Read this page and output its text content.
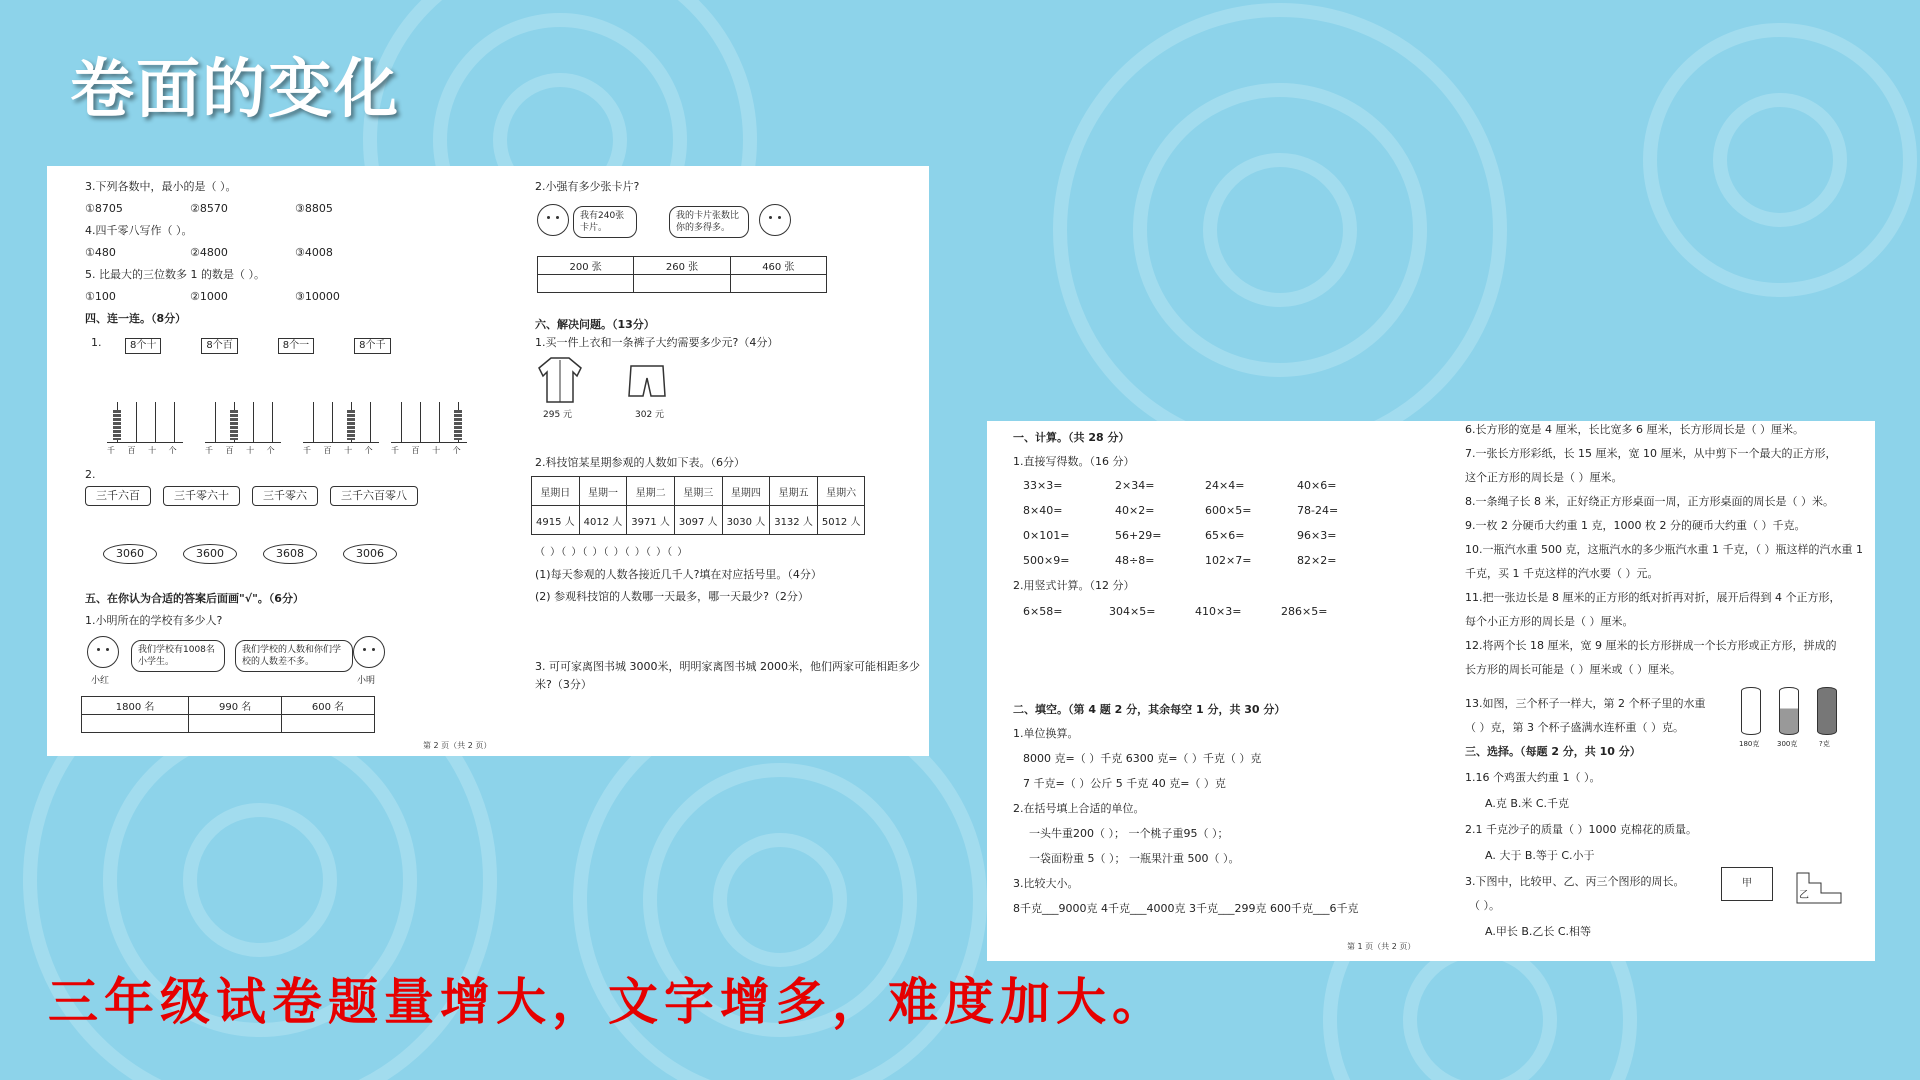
卷面的变化
3.下列各数中，最小的是（ ）。
①8705	②8570	③8805
4.四千零八写作（ ）。
①480	②4800	③4008
5. 比最大的三位数多 1 的数是（ ）。
①100	②1000	③10000
四、连一连。（8分）
1.	8个十	8个百	8个一	8个千
千 百 十 个	千 百 十 个	千 百 十 个 千 百 十 个
2.
三千六百	三千零六十	三千零六	三千六百零八
3060	3600	3608	3006
五、在你认为合适的答案后面画"√"。（6分）
1.小明所在的学校有多少人?
我们学校有1008名小学生。
小红
我们学校的人数和你们学校的人数差不多。
小明
1800 名	990 名	600 名

2.小强有多少张卡片?
我有240张卡片。
我的卡片张数比你的多得多。
200 张	260 张	460 张

六、解决问题。（13分）
1.买一件上衣和一条裤子大约需要多少元?（4分）
295 元	302 元
2.科技馆某星期参观的人数如下表。（6分）
星期日	星期一	星期二	星期三	星期四	星期五	星期六
4915 人	4012 人	3971 人	3097 人	3030 人	3132 人	5012 人
（ ）（ ）（ ）（ ）（ ）（ ）（ ）
(1)每天参观的人数各接近几千人?填在对应括号里。（4分）
(2) 参观科技馆的人数哪一天最多，哪一天最少?（2分）
3. 可可家离图书城 3000米，明明家离图书城 2000米，他们两家可能相距多少
米?（3分）
第 2 页（共 2 页）
一、计算。（共 28 分）
1.直接写得数。（16 分）
33×3=	2×34=	24×4=	40×6=
8×40=	40×2=	600×5=	78-24=
0×101=	56+29=	65×6=	96×3=
500×9=	48÷8=	102×7=	82×2=
2.用竖式计算。（12 分）
6×58=	304×5=	410×3=	286×5=
二、填空。（第 4 题 2 分，其余每空 1 分，共 30 分）
1.单位换算。
8000 克=（ ）千克 6300 克=（ ）千克（ ）克
7 千克=（ ）公斤 5 千克 40 克=（ ）克
2.在括号填上合适的单位。
一头牛重200（ ）； 一个桃子重95（ ）；
一袋面粉重 5（ ）； 一瓶果汁重 500（ ）。
3.比较大小。
8千克___9000克 4千克___4000克 3千克___299克 600千克___6千克
6.长方形的宽是 4 厘米，长比宽多 6 厘米，长方形周长是（ ）厘米。
7.一张长方形彩纸，长 15 厘米，宽 10 厘米，从中剪下一个最大的正方形，
这个正方形的周长是（ ）厘米。
8.一条绳子长 8 米，正好绕正方形桌面一周，正方形桌面的周长是（ ）米。
9.一枚 2 分硬币大约重 1 克，1000 枚 2 分的硬币大约重（ ）千克。
10.一瓶汽水重 500 克，这瓶汽水的多少瓶汽水重 1 千克，（ ）瓶这样的汽水重 1
千克，买 1 千克这样的汽水要（ ）元。
11.把一张边长是 8 厘米的正方形的纸对折再对折，展开后得到 4 个正方形，
每个小正方形的周长是（ ）厘米。
12.将两个长 18 厘米，宽 9 厘米的长方形拼成一个长方形或正方形，拼成的
长方形的周长可能是（ ）厘米或（ ）厘米。
13.如图，三个杯子一样大，第 2 个杯子里的水重
（ ）克，第 3 个杯子盛满水连杯重（ ）克。
180克	300克	?克
三、选择。（每题 2 分，共 10 分）
1.16 个鸡蛋大约重 1（ ）。
A.克 B.米 C.千克
2.1 千克沙子的质量（ ）1000 克棉花的质量。
A. 大于 B.等于 C.小于
3.下图中，比较甲、乙、丙三个图形的周长。
（ ）。
A.甲长 B.乙长 C.相等
甲
乙
第 1 页（共 2 页）
三年级试卷题量增大，文字增多，难度加大。
